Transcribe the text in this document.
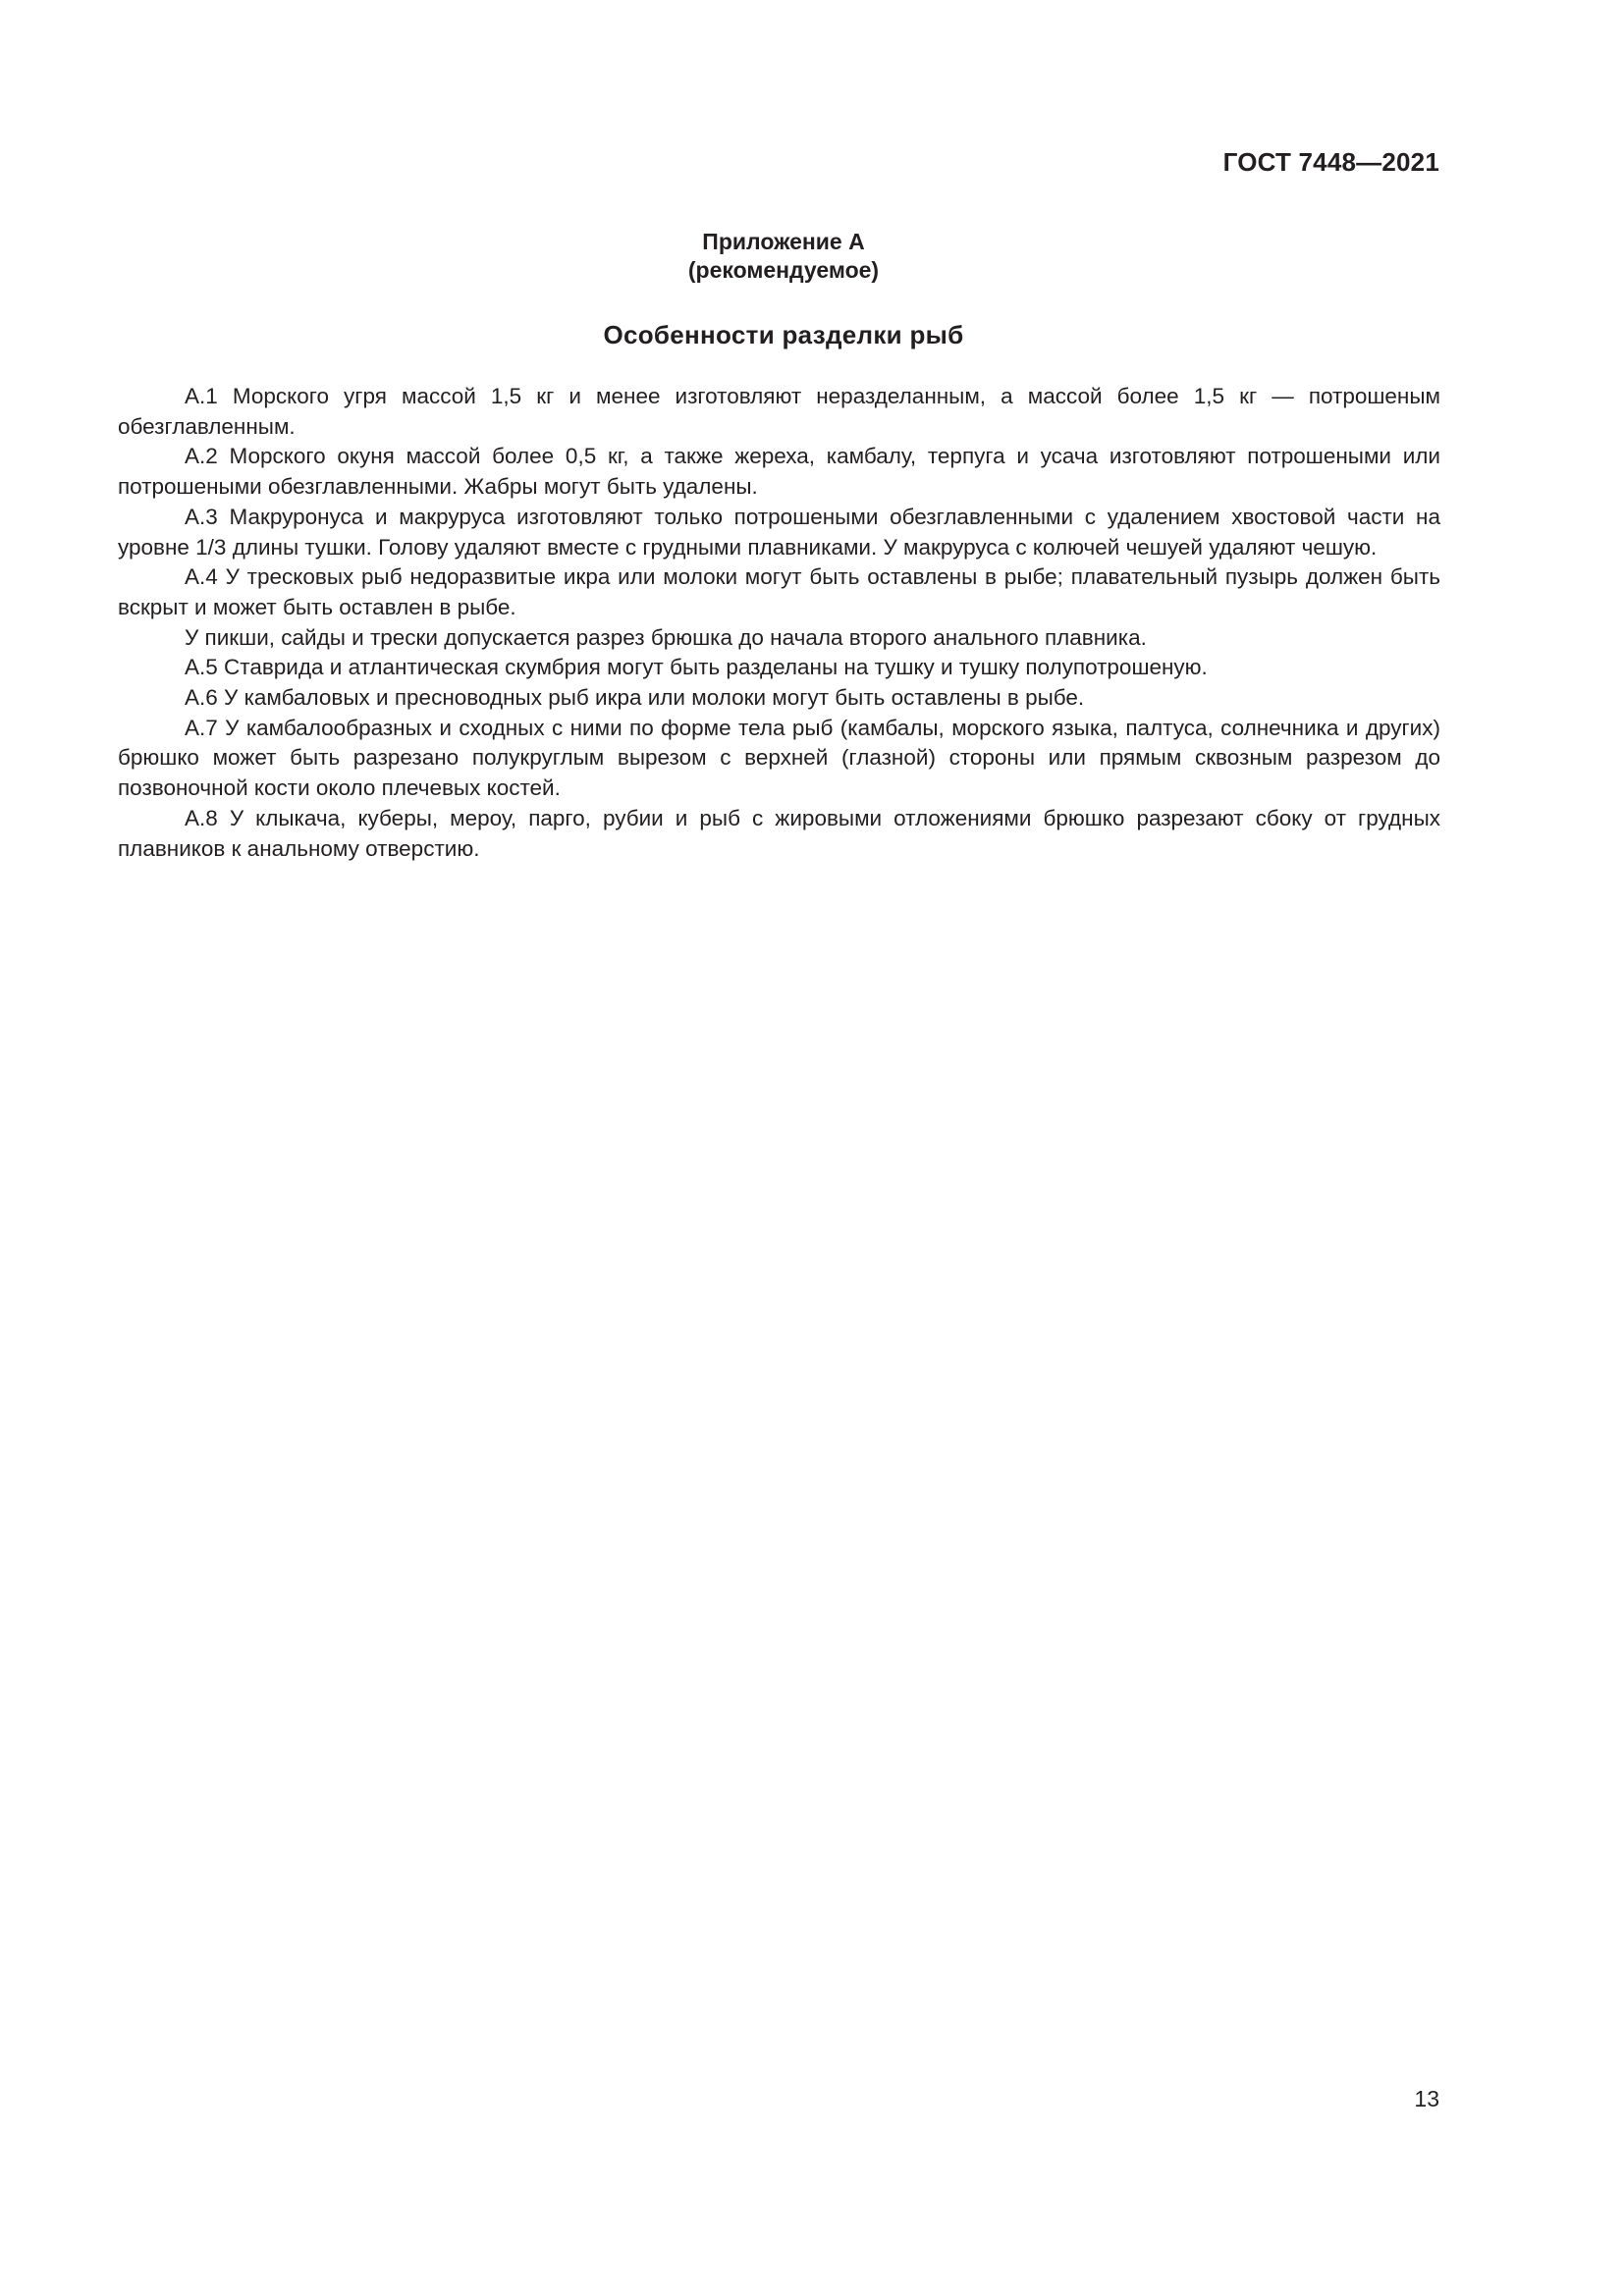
ГОСТ 7448—2021
Приложение А
(рекомендуемое)
Особенности разделки рыб

А.1 Морского угря массой 1,5 кг и менее изготовляют неразделанным, а массой более 1,5 кг — потрошеным обезглавленным.

А.2 Морского окуня массой более 0,5 кг, а также жереха, камбалу, терпуга и усача изготовляют потрошеными или потрошеными обезглавленными. Жабры могут быть удалены.

А.3 Макруронуса и макруруса изготовляют только потрошеными обезглавленными с удалением хвостовой части на уровне 1/3 длины тушки. Голову удаляют вместе с грудными плавниками. У макруруса с колючей чешуей удаляют чешую.

А.4 У тресковых рыб недоразвитые икра или молоки могут быть оставлены в рыбе; плавательный пузырь должен быть вскрыт и может быть оставлен в рыбе.

У пикши, сайды и трески допускается разрез брюшка до начала второго анального плавника.

А.5 Ставрида и атлантическая скумбрия могут быть разделаны на тушку и тушку полупотрошеную.

А.6 У камбаловых и пресноводных рыб икра или молоки могут быть оставлены в рыбе.

А.7 У камбалообразных и сходных с ними по форме тела рыб (камбалы, морского языка, палтуса, солнечника и других) брюшко может быть разрезано полукруглым вырезом с верхней (глазной) стороны или прямым сквозным разрезом до позвоночной кости около плечевых костей.

А.8 У клыкача, куберы, мероу, парго, рубии и рыб с жировыми отложениями брюшко разрезают сбоку от грудных плавников к анальному отверстию.

13
